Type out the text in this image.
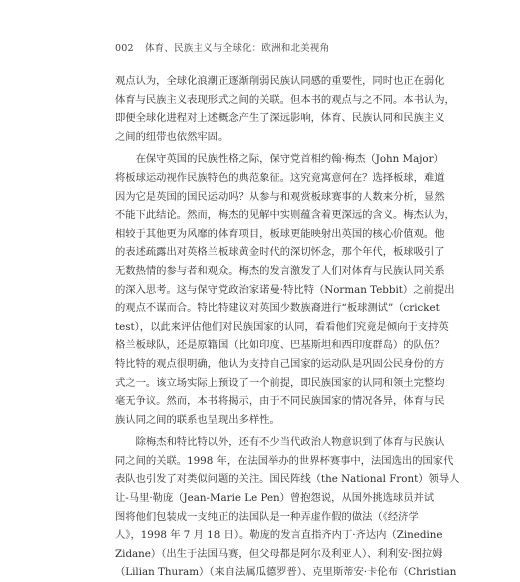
002 体育、民族主义与全球化：欧洲和北美视角
观点认为，全球化浪潮正逐渐削弱民族认同感的重要性，同时也正在弱化
体育与民族主义表现形式之间的关联。但本书的观点与之不同。本书认为，
即便全球化进程对上述概念产生了深远影响，体育、民族认同和民族主义
之间的纽带也依然牢固。
　　在保守英国的民族性格之际，保守党首相约翰·梅杰（John Major）
将板球运动视作民族特色的典范象征。这究竟寓意何在？选择板球，难道
因为它是英国的国民运动吗？从参与和观赏板球赛事的人数来分析，显然
不能下此结论。然而，梅杰的见解中实则蕴含着更深远的含义。梅杰认为，
相较于其他更为风靡的体育项目，板球更能映射出英国的核心价值观。他
的表述疏露出对英格兰板球黄金时代的深切怀念，那个年代，板球吸引了
无数热情的参与者和观众。梅杰的发言激发了人们对体育与民族认同关系
的深入思考。这与保守党政治家诺曼·特比特（Norman Tebbit）之前提出
的观点不谋而合。特比特建议对英国少数族裔进行“板球测试”（cricket
test），以此来评估他们对民族国家的认同，看看他们究竟是倾向于支持英
格兰板球队，还是原籍国（比如印度、巴基斯坦和西印度群岛）的队伍？
特比特的观点很明确，他认为支持自己国家的运动队是巩固公民身份的方
式之一。该立场实际上预设了一个前提，即民族国家的认同和领土完整均
毫无争议。然而，本书将揭示，由于不同民族国家的情况各异，体育与民
族认同之间的联系也呈现出多样性。
　　除梅杰和特比特以外，还有不少当代政治人物意识到了体育与民族认
同之间的关联。1998 年，在法国举办的世界杯赛事中，法国选出的国家代
表队也引发了对类似问题的关注。国民阵线（the National Front）领导人
让-马里·勒庞（Jean-Marie Le Pen）曾抱怨说，从国外挑选球员并试
图将他们包装成一支纯正的法国队是一种弄虚作假的做法（《经济学
人》，1998 年 7 月 18 日）。勒庞的发言直指齐内丁·齐达内（Zinedine
Zidane）（出生于法国马赛，但父母都是阿尔及利亚人）、利利安·图拉姆
（Lilian Thuram）（来自法属瓜德罗普）、克里斯蒂安·卡伦布（Christian
